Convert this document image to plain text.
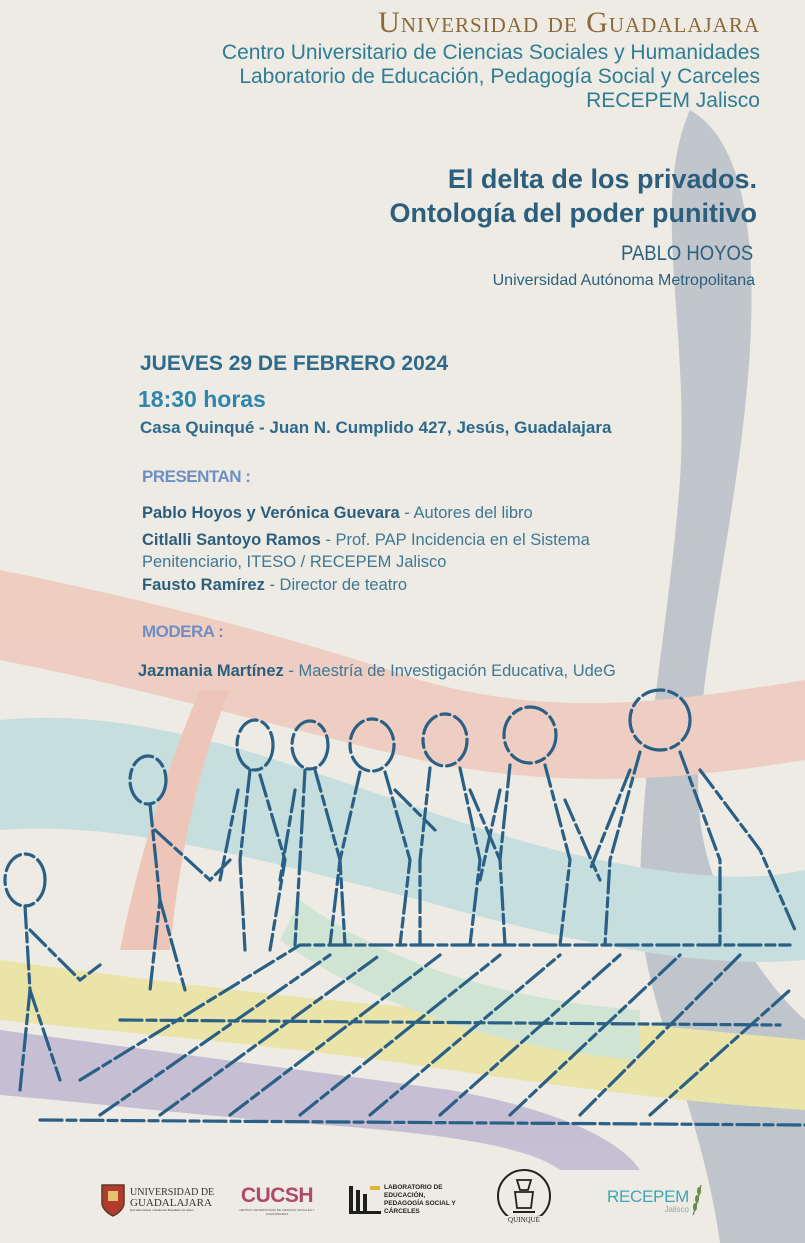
Universidad de Guadalajara
Centro Universitario de Ciencias Sociales y Humanidades
Laboratorio de Educación, Pedagogía Social y Carceles
RECEPEM Jalisco
El delta de los privados.
Ontología del poder punitivo
PABLO HOYOS
Universidad Autónoma Metropolitana
JUEVES 29 DE FEBRERO 2024
18:30 horas
Casa Quinqué - Juan N. Cumplido 427, Jesús, Guadalajara
PRESENTAN :
Pablo Hoyos y Verónica Guevara - Autores del libro
Citlalli Santoyo Ramos - Prof. PAP Incidencia en el Sistema
Penitenciario, ITESO / RECEPEM Jalisco
Fausto Ramírez - Director de teatro
MODERA :
Jazmania Martínez - Maestría de Investigación Educativa, UdeG
UNIVERSIDAD DE
GUADALAJARA
Red Universitaria e Institución Benemérita de Jalisco
CUCSH
CENTRO UNIVERSITARIO DE CIENCIAS SOCIALES Y HUMANIDADES
LABORATORIO DE
EDUCACIÓN,
PEDAGOGÍA SOCIAL Y
CÁRCELES
QUINQUÉ
RECEPEM
Jalisco
